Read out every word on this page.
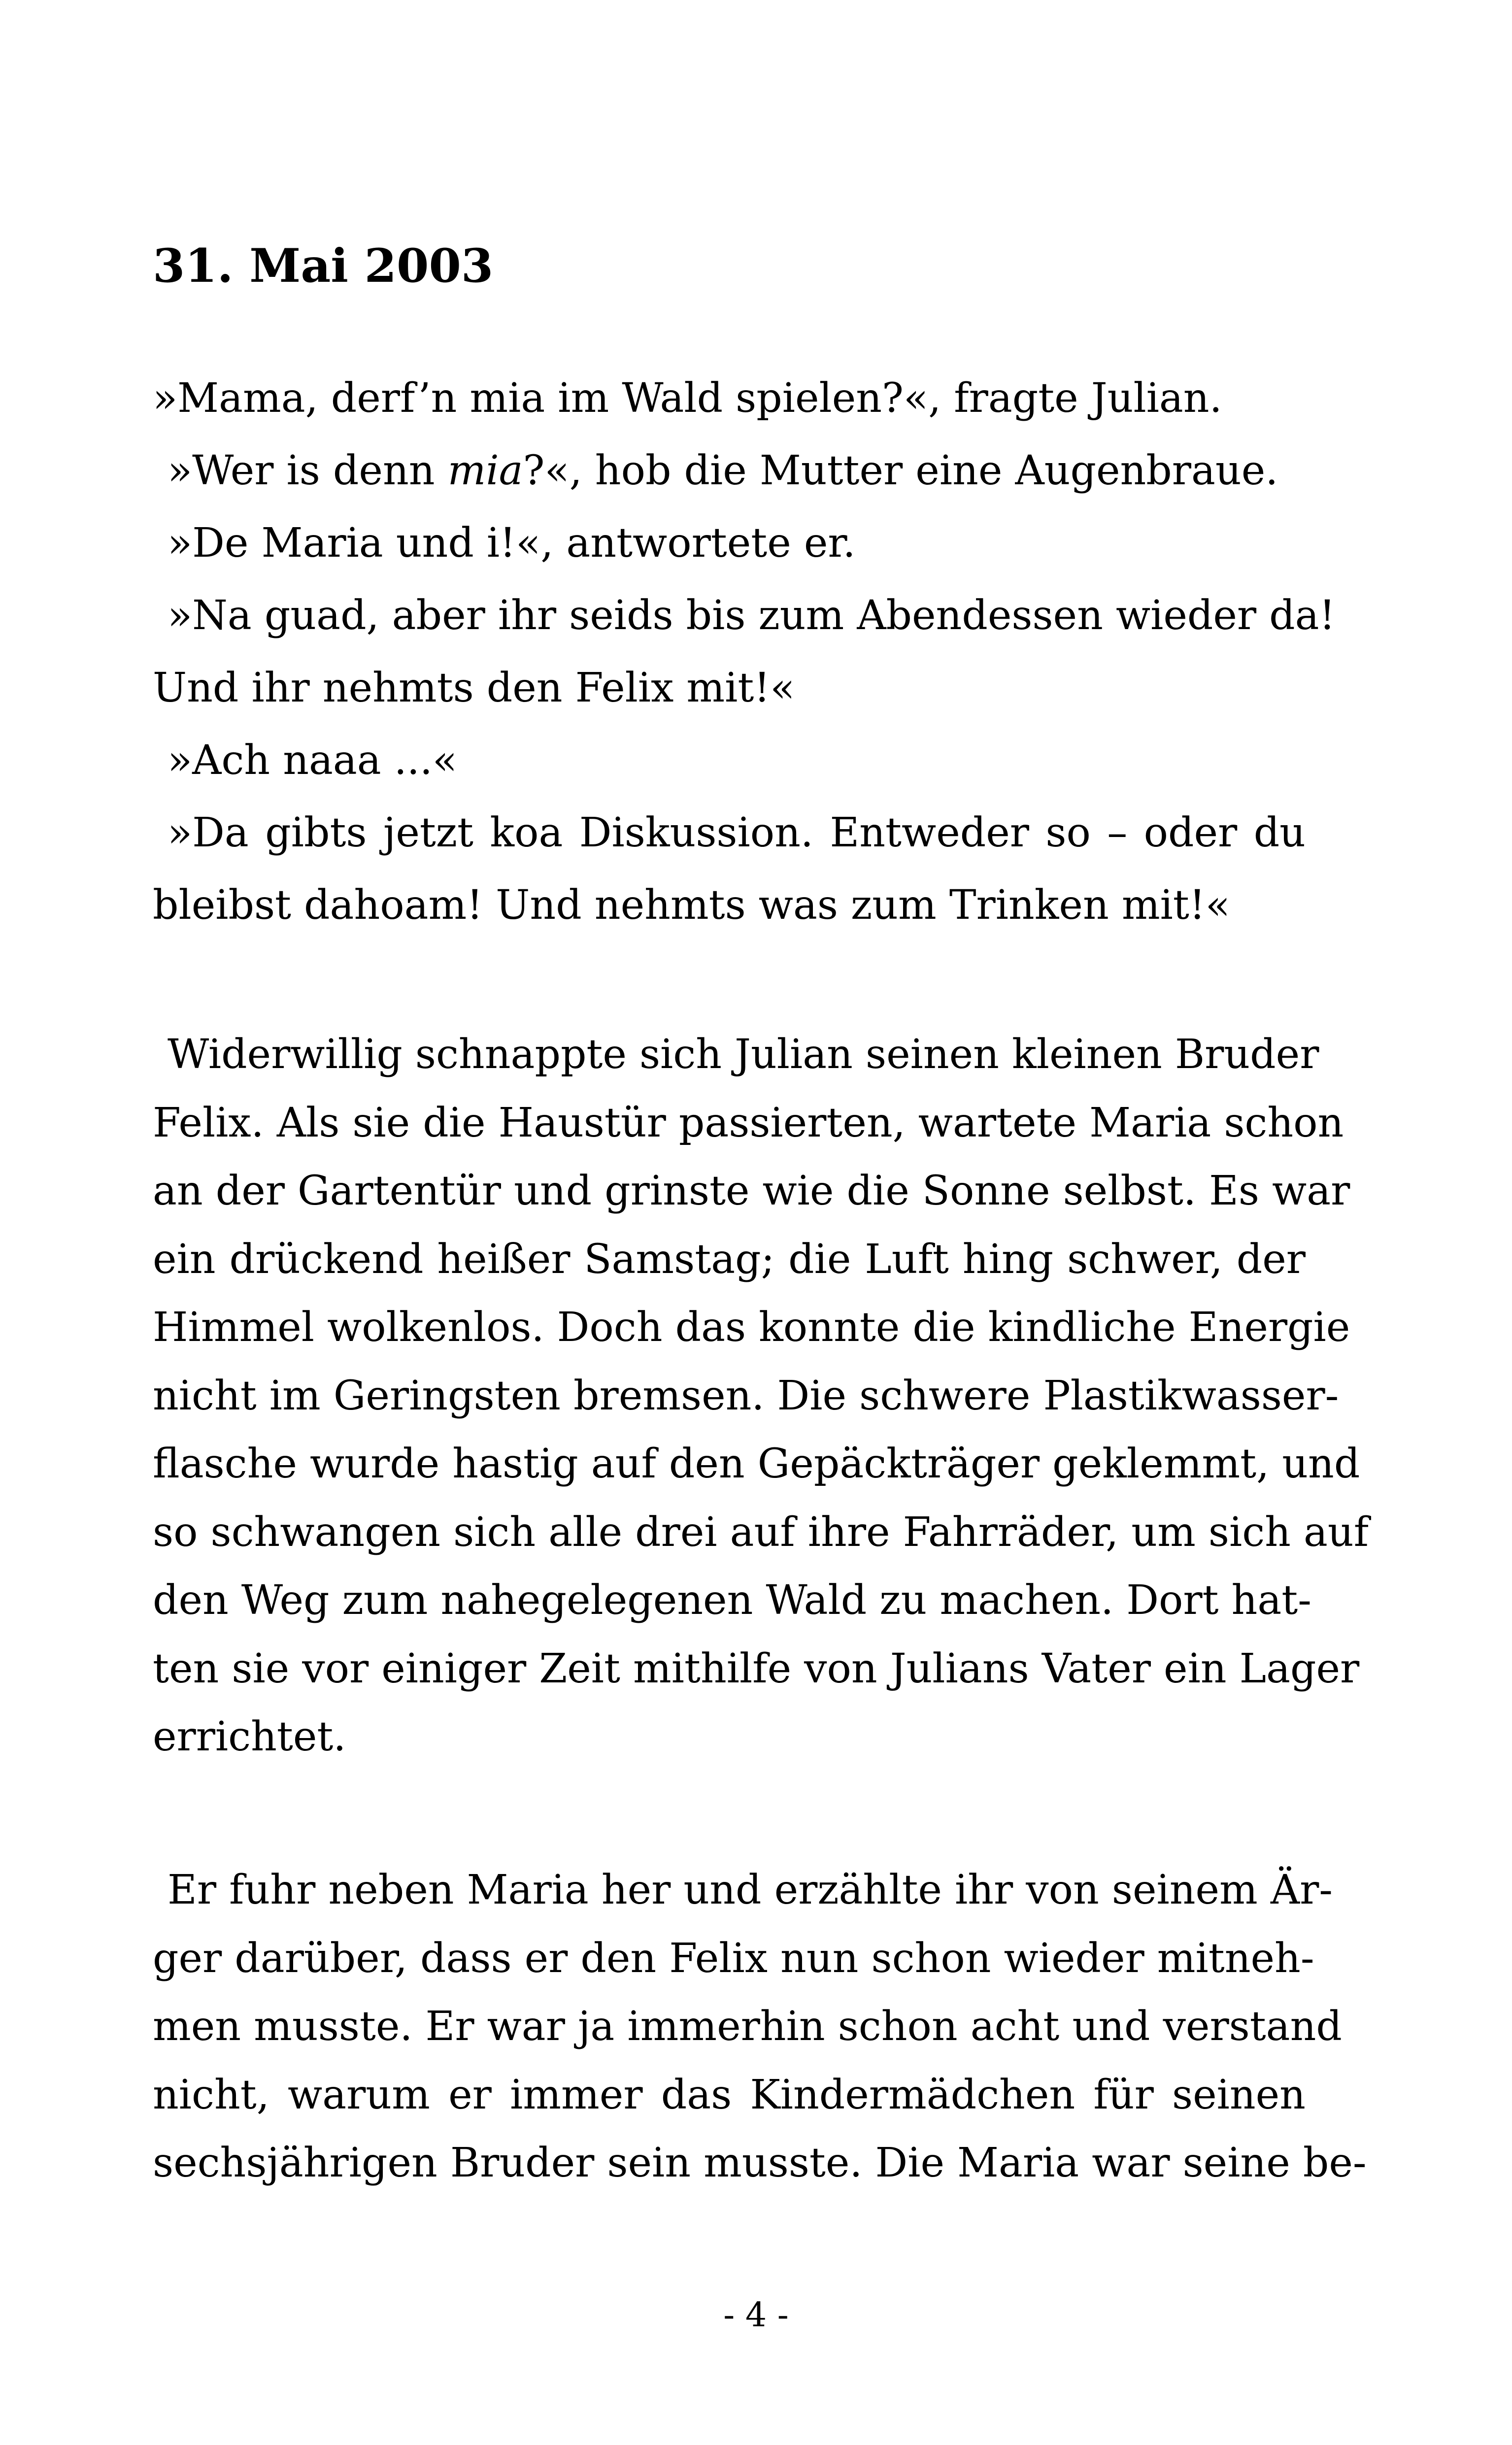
31. Mai 2003
»Mama, derf’n mia im Wald spielen?«, fragte Julian.
»Wer is denn mia?«, hob die Mutter eine Augenbraue.
»De Maria und i!«, antwortete er.
»Na guad, aber ihr seids bis zum Abendessen wieder da!
Und ihr nehmts den Felix mit!«
»Ach naaa ...«
»Da gibts jetzt koa Diskussion. Entweder so – oder du
bleibst dahoam! Und nehmts was zum Trinken mit!«
Widerwillig schnappte sich Julian seinen kleinen Bruder
Felix. Als sie die Haustür passierten, wartete Maria schon
an der Gartentür und grinste wie die Sonne selbst. Es war
ein drückend heißer Samstag; die Luft hing schwer, der
Himmel wolkenlos. Doch das konnte die kindliche Energie
nicht im Geringsten bremsen. Die schwere Plastikwasser-
flasche wurde hastig auf den Gepäckträger geklemmt, und
so schwangen sich alle drei auf ihre Fahrräder, um sich auf
den Weg zum nahegelegenen Wald zu machen. Dort hat-
ten sie vor einiger Zeit mithilfe von Julians Vater ein Lager
errichtet.
Er fuhr neben Maria her und erzählte ihr von seinem Är-
ger darüber, dass er den Felix nun schon wieder mitneh-
men musste. Er war ja immerhin schon acht und verstand
nicht, warum er immer das Kindermädchen für seinen
sechsjährigen Bruder sein musste. Die Maria war seine be-
- 4 -
